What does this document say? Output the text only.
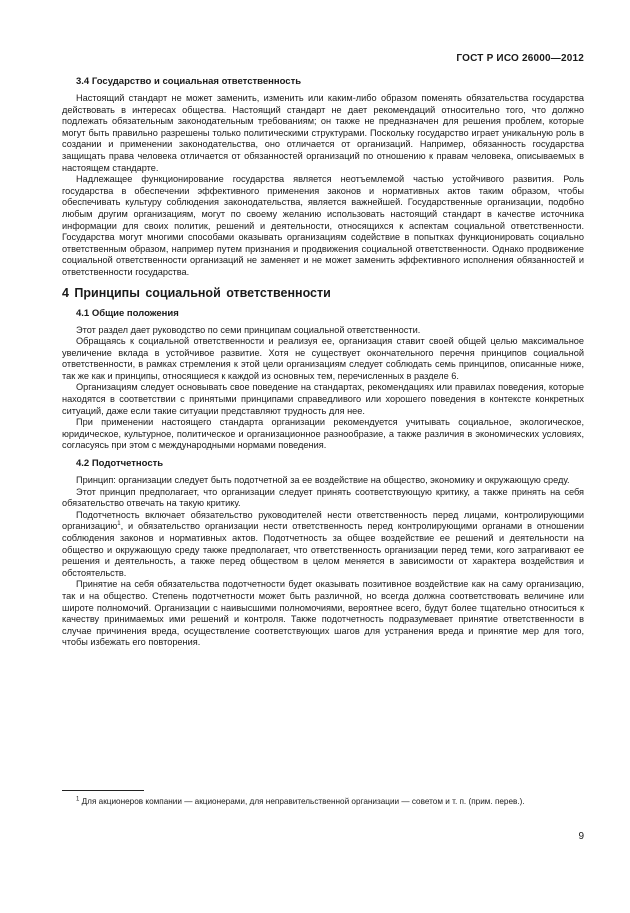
ГОСТ Р ИСО 26000—2012
3.4 Государство и социальная ответственность

Настоящий стандарт не может заменить, изменить или каким-либо образом поменять обязательства государства действовать в интересах общества. Настоящий стандарт не дает рекомендаций относительно того, что должно подлежать обязательным законодательным требованиям; он также не предназначен для решения проблем, которые могут быть правильно разрешены только политическими структурами. Поскольку государство играет уникальную роль в создании и применении законодательства, оно отличается от организаций. Например, обязанность государства защищать права человека отличается от обязанностей организаций по отношению к правам человека, описываемых в настоящем стандарте.

Надлежащее функционирование государства является неотъемлемой частью устойчивого развития. Роль государства в обеспечении эффективного применения законов и нормативных актов таким образом, чтобы обеспечивать культуру соблюдения законодательства, является важнейшей. Государственные организации, подобно любым другим организациям, могут по своему желанию использовать настоящий стандарт в качестве источника информации для своих политик, решений и деятельности, относящихся к аспектам социальной ответственности. Государства могут многими способами оказывать организациям содействие в попытках функционировать социально ответственным образом, например путем признания и продвижения социальной ответственности. Однако продвижение социальной ответственности организаций не заменяет и не может заменить эффективного исполнения обязанностей и ответственности государства.

4 Принципы социальной ответственности
4.1 Общие положения

Этот раздел дает руководство по семи принципам социальной ответственности.

Обращаясь к социальной ответственности и реализуя ее, организация ставит своей общей целью максимальное увеличение вклада в устойчивое развитие. Хотя не существует окончательного перечня принципов социальной ответственности, в рамках стремления к этой цели организациям следует соблюдать семь принципов, описанные ниже, так же как и принципы, относящиеся к каждой из основных тем, перечисленных в разделе 6.

Организациям следует основывать свое поведение на стандартах, рекомендациях или правилах поведения, которые находятся в соответствии с принятыми принципами справедливого или хорошего поведения в контексте конкретных ситуаций, даже если такие ситуации представляют трудность для нее.

При применении настоящего стандарта организации рекомендуется учитывать социальное, экологическое, юридическое, культурное, политическое и организационное разнообразие, а также различия в экономических условиях, согласуясь при этом с международными нормами поведения.

4.2 Подотчетность

Принцип: организации следует быть подотчетной за ее воздействие на общество, экономику и окружающую среду.

Этот принцип предполагает, что организации следует принять соответствующую критику, а также принять на себя обязательство отвечать на такую критику.

Подотчетность включает обязательство руководителей нести ответственность перед лицами, контролирующими организацию$^1$, и обязательство организации нести ответственность перед контролирующими органами в отношении соблюдения законов и нормативных актов. Подотчетность за общее воздействие ее решений и деятельности на общество и окружающую среду также предполагает, что ответственность организации перед теми, кого затрагивают ее решения и деятельность, а также перед обществом в целом меняется в зависимости от характера воздействия и обстоятельств.

Принятие на себя обязательства подотчетности будет оказывать позитивное воздействие как на саму организацию, так и на общество. Степень подотчетности может быть различной, но всегда должна соответствовать величине или широте полномочий. Организации с наивысшими полномочиями, вероятнее всего, будут более тщательно относиться к качеству принимаемых ими решений и контроля. Также подотчетность подразумевает принятие ответственности в случае причинения вреда, осуществление соответствующих шагов для устранения вреда и принятие мер для того, чтобы избежать его повторения.

$^1$ Для акционеров компании — акционерами, для неправительственной организации — советом и т. п. (прим. перев.).
9
